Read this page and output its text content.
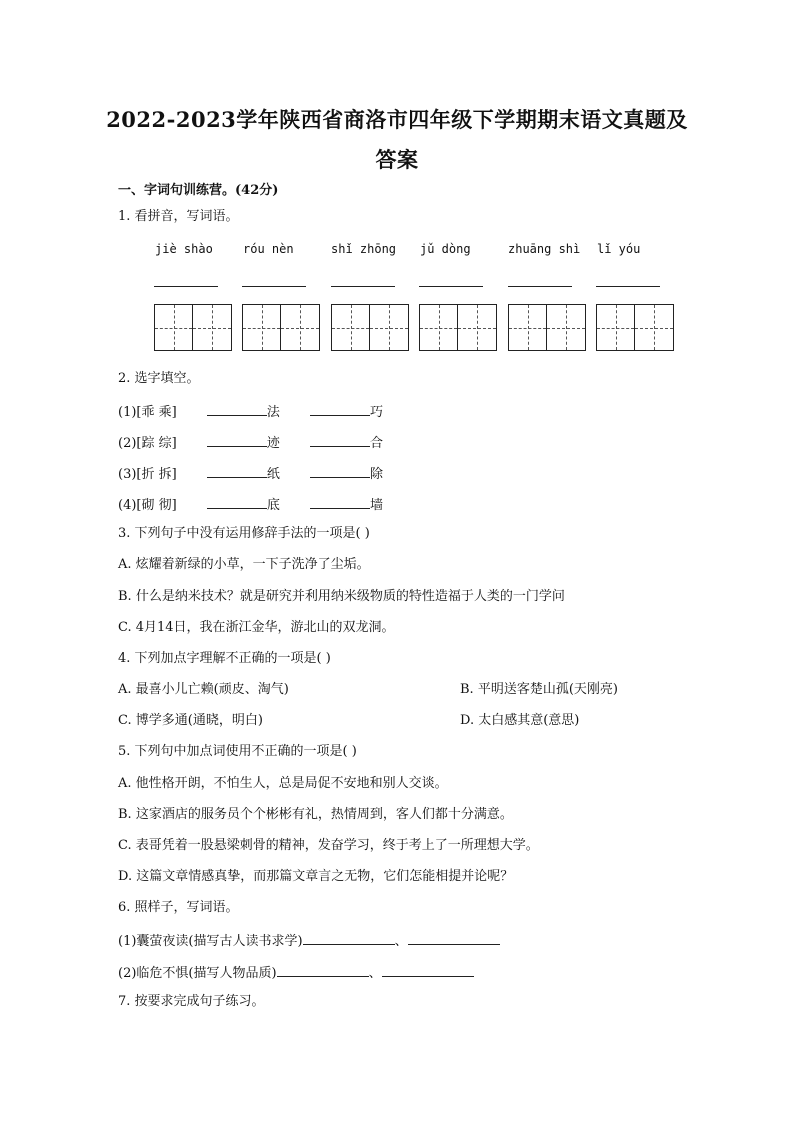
2022-2023学年陕西省商洛市四年级下学期期末语文真题及
答案
一、字词句训练营。(42分)
1. 看拼音，写词语。
jiè shào	róu nèn	shǐ zhōng jǔ dòng	zhuāng shì lǐ yóu
2. 选字填空。
(1)[乖 乘]	法	巧
(2)[踪 综]	迹	合
(3)[折 拆]	纸	除
(4)[砌 彻]	底	墙
3. 下列句子中没有运用修辞手法的一项是( )
A. 炫耀着新绿的小草，一下子洗净了尘垢。
B. 什么是纳米技术？就是研究并利用纳米级物质的特性造福于人类的一门学问
C. 4月14日，我在浙江金华，游北山的双龙洞。
4. 下列加点字理解不正确的一项是( )
A. 最喜小儿亡赖(顽皮、淘气)	B. 平明送客楚山孤(天刚亮)
C. 博学多通(通晓，明白)	D. 太白感其意(意思)
5. 下列句中加点词使用不正确的一项是( )
A. 他性格开朗，不怕生人，总是局促不安地和别人交谈。
B. 这家酒店的服务员个个彬彬有礼，热情周到，客人们都十分满意。
C. 表哥凭着一股悬梁刺骨的精神，发奋学习，终于考上了一所理想大学。
D. 这篇文章情感真挚，而那篇文章言之无物，它们怎能相提并论呢？
6. 照样子，写词语。
(1)囊萤夜读(描写古人读书求学)	、
(2)临危不惧(描写人物品质)	、
7. 按要求完成句子练习。
